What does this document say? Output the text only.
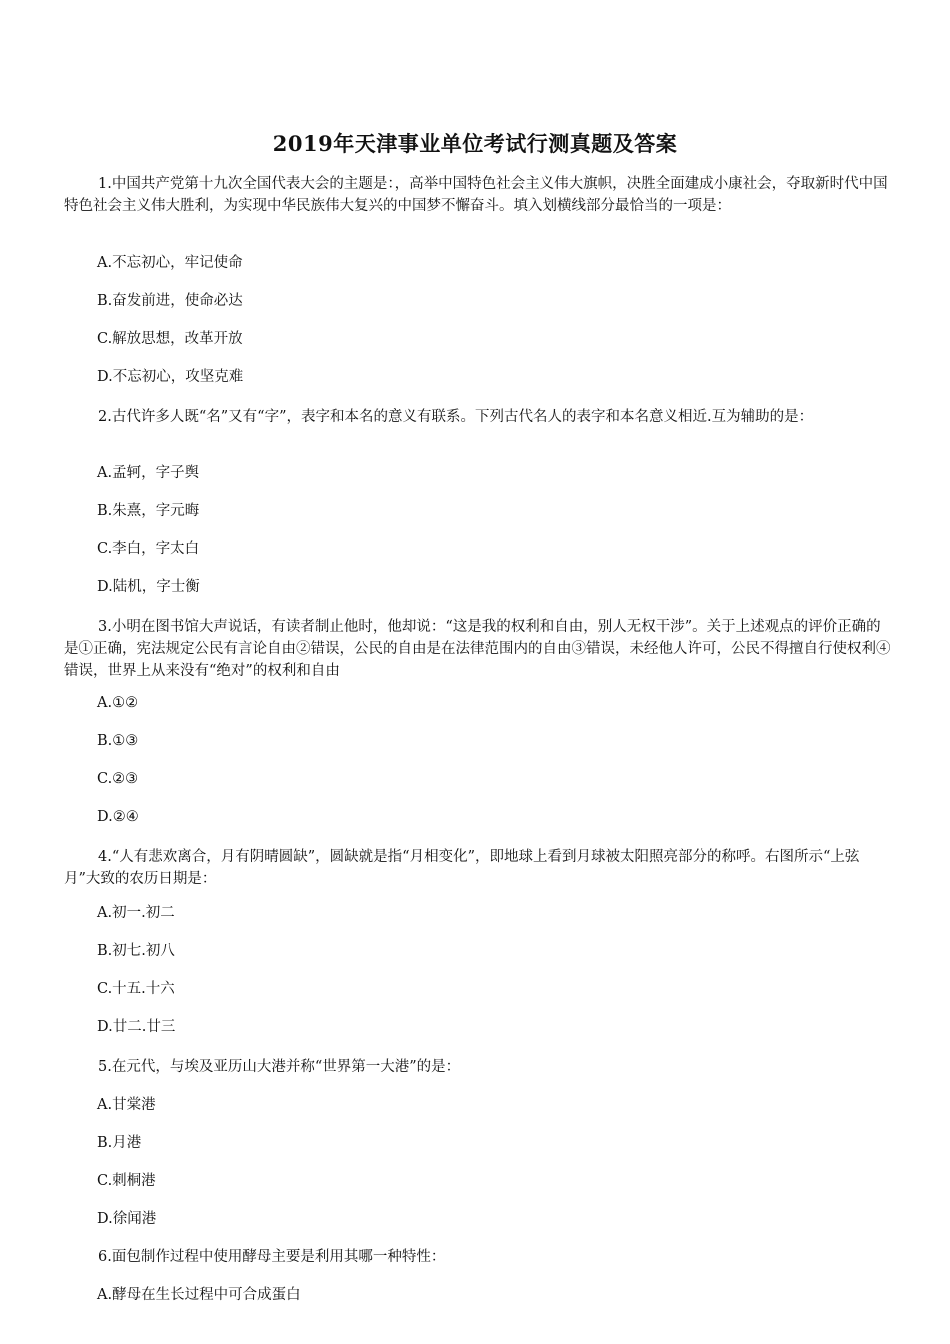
2019年天津事业单位考试行测真题及答案

1.中国共产党第十九次全国代表大会的主题是：，高举中国特色社会主义伟大旗帜，决胜全面建成小康社会，夺取新时代中国特色社会主义伟大胜利，为实现中华民族伟大复兴的中国梦不懈奋斗。填入划横线部分最恰当的一项是：

A.不忘初心，牢记使命

B.奋发前进，使命必达

C.解放思想，改革开放

D.不忘初心，攻坚克难

2.古代许多人既“名”又有“字”，表字和本名的意义有联系。下列古代名人的表字和本名意义相近.互为辅助的是：

A.孟轲，字子舆

B.朱熹，字元晦

C.李白，字太白

D.陆机，字士衡

3.小明在图书馆大声说话，有读者制止他时，他却说：“这是我的权利和自由，别人无权干涉”。关于上述观点的评价正确的是①正确，宪法规定公民有言论自由②错误，公民的自由是在法律范围内的自由③错误，未经他人许可，公民不得擅自行使权利④错误，世界上从来没有“绝对”的权利和自由

A.①②

B.①③

C.②③

D.②④

4.“人有悲欢离合，月有阴晴圆缺”，圆缺就是指“月相变化”，即地球上看到月球被太阳照亮部分的称呼。右图所示“上弦月”大致的农历日期是：

A.初一.初二

B.初七.初八

C.十五.十六

D.廿二.廿三

5.在元代，与埃及亚历山大港并称“世界第一大港”的是：

A.甘棠港

B.月港

C.刺桐港

D.徐闻港

6.面包制作过程中使用酵母主要是利用其哪一种特性：

A.酵母在生长过程中可合成蛋白
